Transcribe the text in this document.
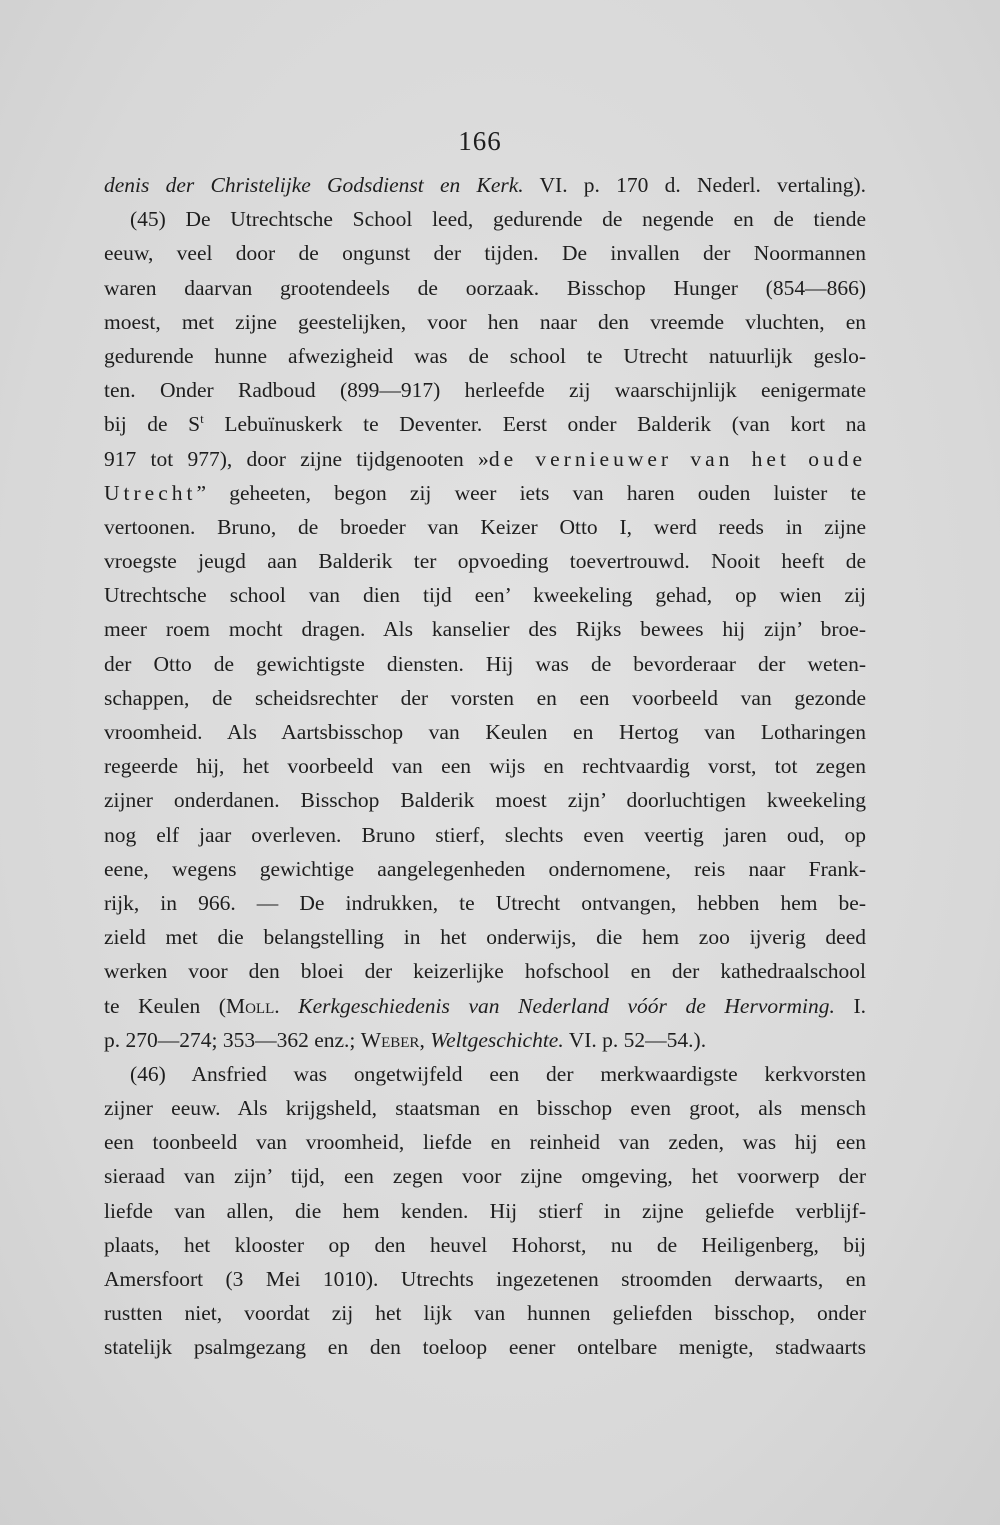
166
denis der Christelijke Godsdienst en Kerk. VI. p. 170 d. Nederl. vertaling).
(45) De Utrechtsche School leed, gedurende de negende en de tiende
eeuw, veel door de ongunst der tijden. De invallen der Noormannen
waren daarvan grootendeels de oorzaak. Bisschop Hunger (854—866)
moest, met zijne geestelijken, voor hen naar den vreemde vluchten, en
gedurende hunne afwezigheid was de school te Utrecht natuurlijk geslo-
ten. Onder Radboud (899—917) herleefde zij waarschijnlijk eenigermate
bij de $S^t$ Lebuïnuskerk te Deventer. Eerst onder Balderik (van kort na
917 tot 977), door zijne tijdgenooten »de vernieuwer van het oude
Utrecht” geheeten, begon zij weer iets van haren ouden luister te
vertoonen. Bruno, de broeder van Keizer Otto I, werd reeds in zijne
vroegste jeugd aan Balderik ter opvoeding toevertrouwd. Nooit heeft de
Utrechtsche school van dien tijd een’ kweekeling gehad, op wien zij
meer roem mocht dragen. Als kanselier des Rijks bewees hij zijn’ broe-
der Otto de gewichtigste diensten. Hij was de bevorderaar der weten-
schappen, de scheidsrechter der vorsten en een voorbeeld van gezonde
vroomheid. Als Aartsbisschop van Keulen en Hertog van Lotharingen
regeerde hij, het voorbeeld van een wijs en rechtvaardig vorst, tot zegen
zijner onderdanen. Bisschop Balderik moest zijn’ doorluchtigen kweekeling
nog elf jaar overleven. Bruno stierf, slechts even veertig jaren oud, op
eene, wegens gewichtige aangelegenheden ondernomene, reis naar Frank-
rijk, in 966. — De indrukken, te Utrecht ontvangen, hebben hem be-
zield met die belangstelling in het onderwijs, die hem zoo ijverig deed
werken voor den bloei der keizerlijke hofschool en der kathedraalschool
te Keulen (Moll. Kerkgeschiedenis van Nederland vóór de Hervorming. I.
p. 270—274; 353—362 enz.; Weber, Weltgeschichte. VI. p. 52—54.).
(46) Ansfried was ongetwijfeld een der merkwaardigste kerkvorsten
zijner eeuw. Als krijgsheld, staatsman en bisschop even groot, als mensch
een toonbeeld van vroomheid, liefde en reinheid van zeden, was hij een
sieraad van zijn’ tijd, een zegen voor zijne omgeving, het voorwerp der
liefde van allen, die hem kenden. Hij stierf in zijne geliefde verblijf-
plaats, het klooster op den heuvel Hohorst, nu de Heiligenberg, bij
Amersfoort (3 Mei 1010). Utrechts ingezetenen stroomden derwaarts, en
rustten niet, voordat zij het lijk van hunnen geliefden bisschop, onder
statelijk psalmgezang en den toeloop eener ontelbare menigte, stadwaarts
